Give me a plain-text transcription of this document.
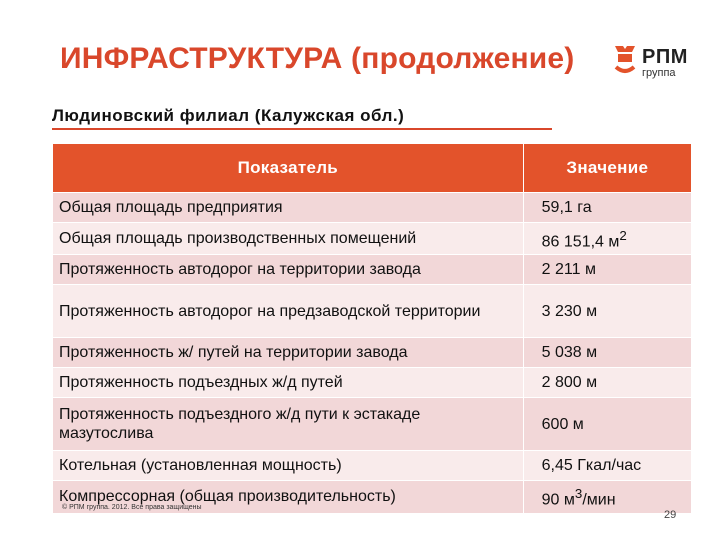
ИНФРАСТРУКТУРА (продолжение)	РПМ
группа
Людиновский филиал (Калужская обл.)
Показатель	Значение
Общая площадь предприятия	59,1 га
Общая площадь производственных помещений	86 151,4 $м^2$
Протяженность автодорог на территории завода	2 211 м
Протяженность автодорог на предзаводской территории	3 230 м
Протяженность ж/ путей на территории завода	5 038 м
Протяженность подъездных ж/д путей	2 800 м
Протяженность подъездного ж/д пути к эстакаде мазутослива	600 м
Котельная (установленная мощность)	6,45 Гкал/час
Компрессорная (общая производительность)	90 $м^3$/мин
© РПМ группа. 2012. Все права защищены
29
